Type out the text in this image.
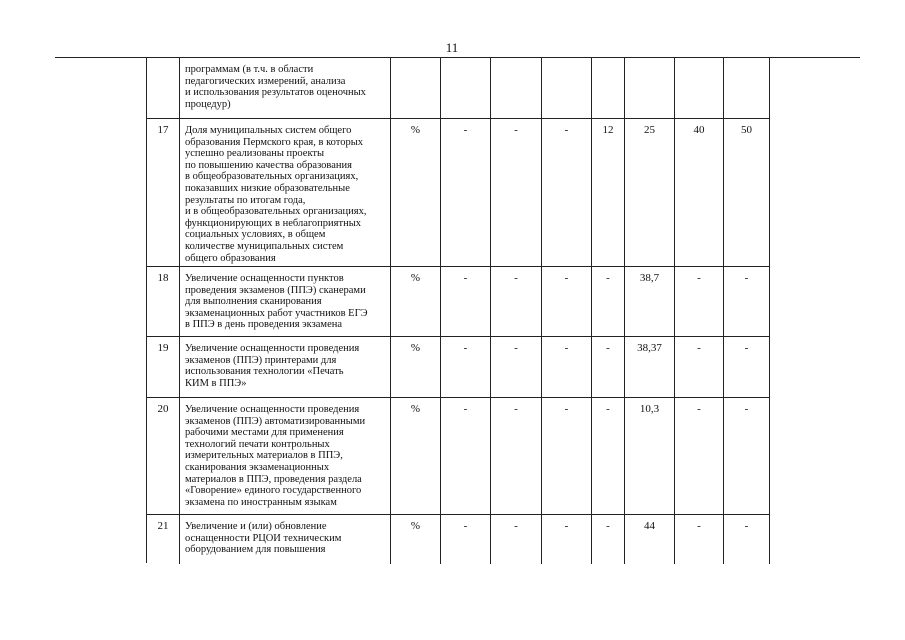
11
программам (в т.ч. в области
педагогических измерений, анализа
и использования результатов оценочных
процедур)
17	Доля муниципальных систем общего
образования Пермского края, в которых
успешно реализованы проекты
по повышению качества образования
в общеобразовательных организациях,
показавших низкие образовательные
результаты по итогам года,
и в общеобразовательных организациях,
функционирующих в неблагоприятных
социальных условиях, в общем
количестве муниципальных систем
общего образования
%	-	-	-	12	25	40	50
18	Увеличение оснащенности пунктов
проведения экзаменов (ППЭ) сканерами
для выполнения сканирования
экзаменационных работ участников ЕГЭ
в ППЭ в день проведения экзамена
%	-	-	-	-	38,7	-	-
19	Увеличение оснащенности проведения
экзаменов (ППЭ) принтерами для
использования технологии «Печать
КИМ в ППЭ»
%	-	-	-	-	38,37	-	-
20	Увеличение оснащенности проведения
экзаменов (ППЭ) автоматизированными
рабочими местами для применения
технологий печати контрольных
измерительных материалов в ППЭ,
сканирования экзаменационных
материалов в ППЭ, проведения раздела
«Говорение» единого государственного
экзамена по иностранным языкам
%	-	-	-	-	10,3	-	-
21	Увеличение и (или) обновление
оснащенности РЦОИ техническим
оборудованием для повышения
%	-	-	-	-	44	-	-
